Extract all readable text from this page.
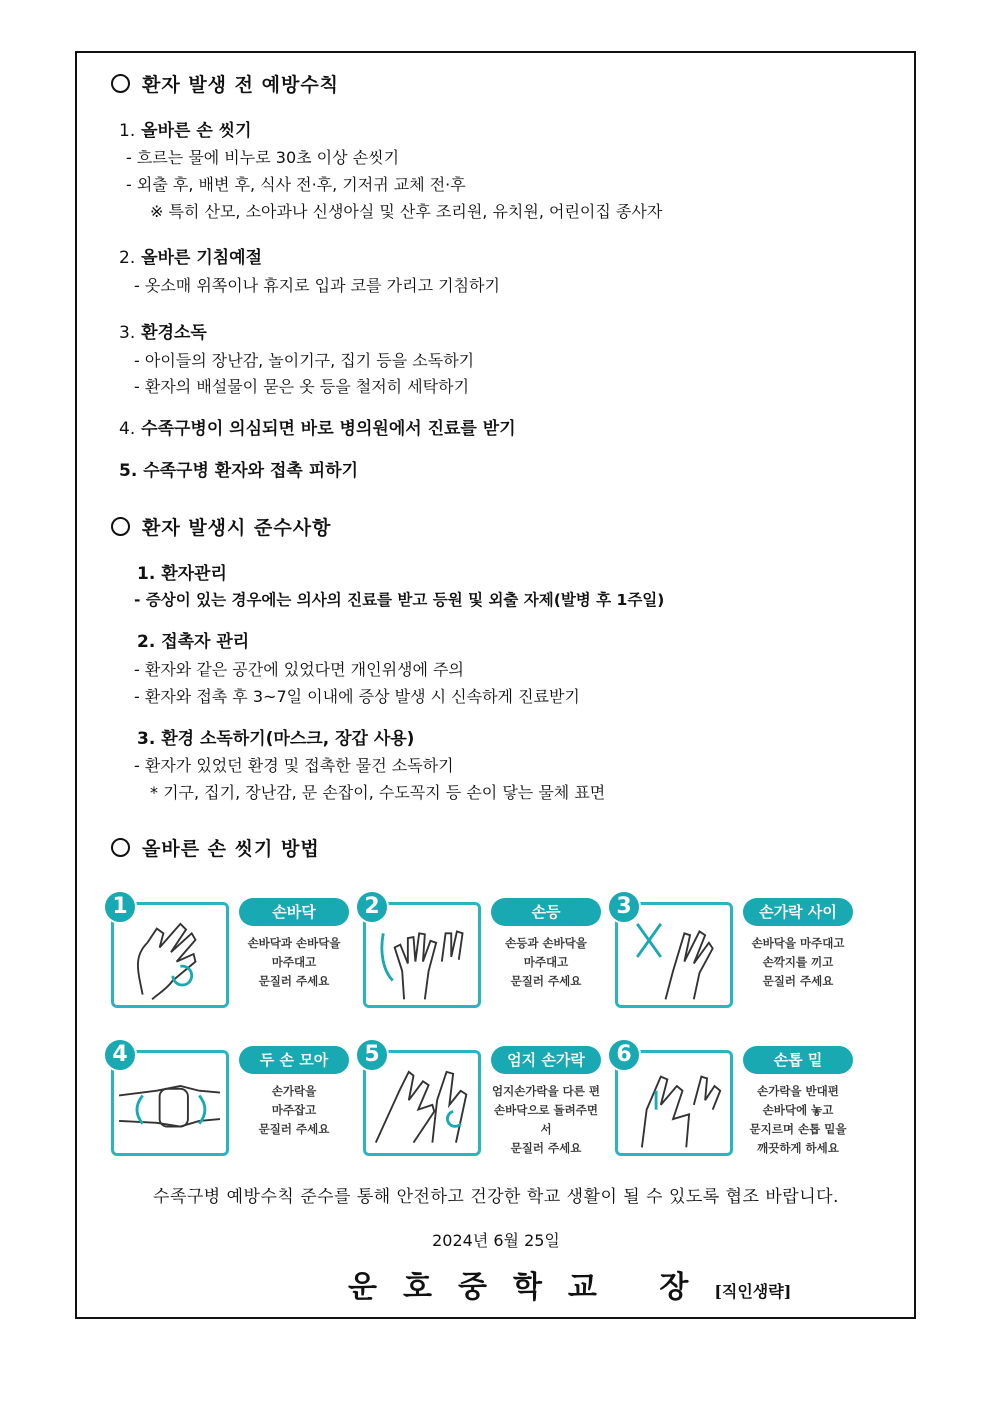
환자 발생 전 예방수칙
1. 올바른 손 씻기
- 흐르는 물에 비누로 30초 이상 손씻기
- 외출 후, 배변 후, 식사 전·후, 기저귀 교체 전·후
※ 특히 산모, 소아과나 신생아실 및 산후 조리원, 유치원, 어린이집 종사자
2. 올바른 기침예절
- 옷소매 위쪽이나 휴지로 입과 코를 가리고 기침하기
3. 환경소독
- 아이들의 장난감, 놀이기구, 집기 등을 소독하기
- 환자의 배설물이 묻은 옷 등을 철저히 세탁하기
4. 수족구병이 의심되면 바로 병의원에서 진료를 받기
5. 수족구병 환자와 접촉 피하기
환자 발생시 준수사항
1. 환자관리
- 증상이 있는 경우에는 의사의 진료를 받고 등원 및 외출 자제(발병 후 1주일)
2. 접촉자 관리
- 환자와 같은 공간에 있었다면 개인위생에 주의
- 환자와 접촉 후 3~7일 이내에 증상 발생 시 신속하게 진료받기
3. 환경 소독하기(마스크, 장갑 사용)
- 환자가 있었던 환경 및 접촉한 물건 소독하기
* 기구, 집기, 장난감, 문 손잡이, 수도꼭지 등 손이 닿는 물체 표면
올바른 손 씻기 방법
1	손바닥
손바닥과 손바닥을
마주대고
문질러 주세요
2	손등
손등과 손바닥을
마주대고
문질러 주세요
3	손가락 사이
손바닥을 마주대고
손깍지를 끼고
문질러 주세요
4	두 손 모아
손가락을
마주잡고
문질러 주세요
5	엄지 손가락
엄지손가락을 다른 편
손바닥으로 돌려주면서
문질러 주세요
6	손톱 밑
손가락을 반대편
손바닥에 놓고
문지르며 손톱 밑을
깨끗하게 하세요
수족구병 예방수칙 준수를 통해 안전하고 건강한 학교 생활이 될 수 있도록 협조 바랍니다.
2024년 6월 25일
운호중학교 장[직인생략]
